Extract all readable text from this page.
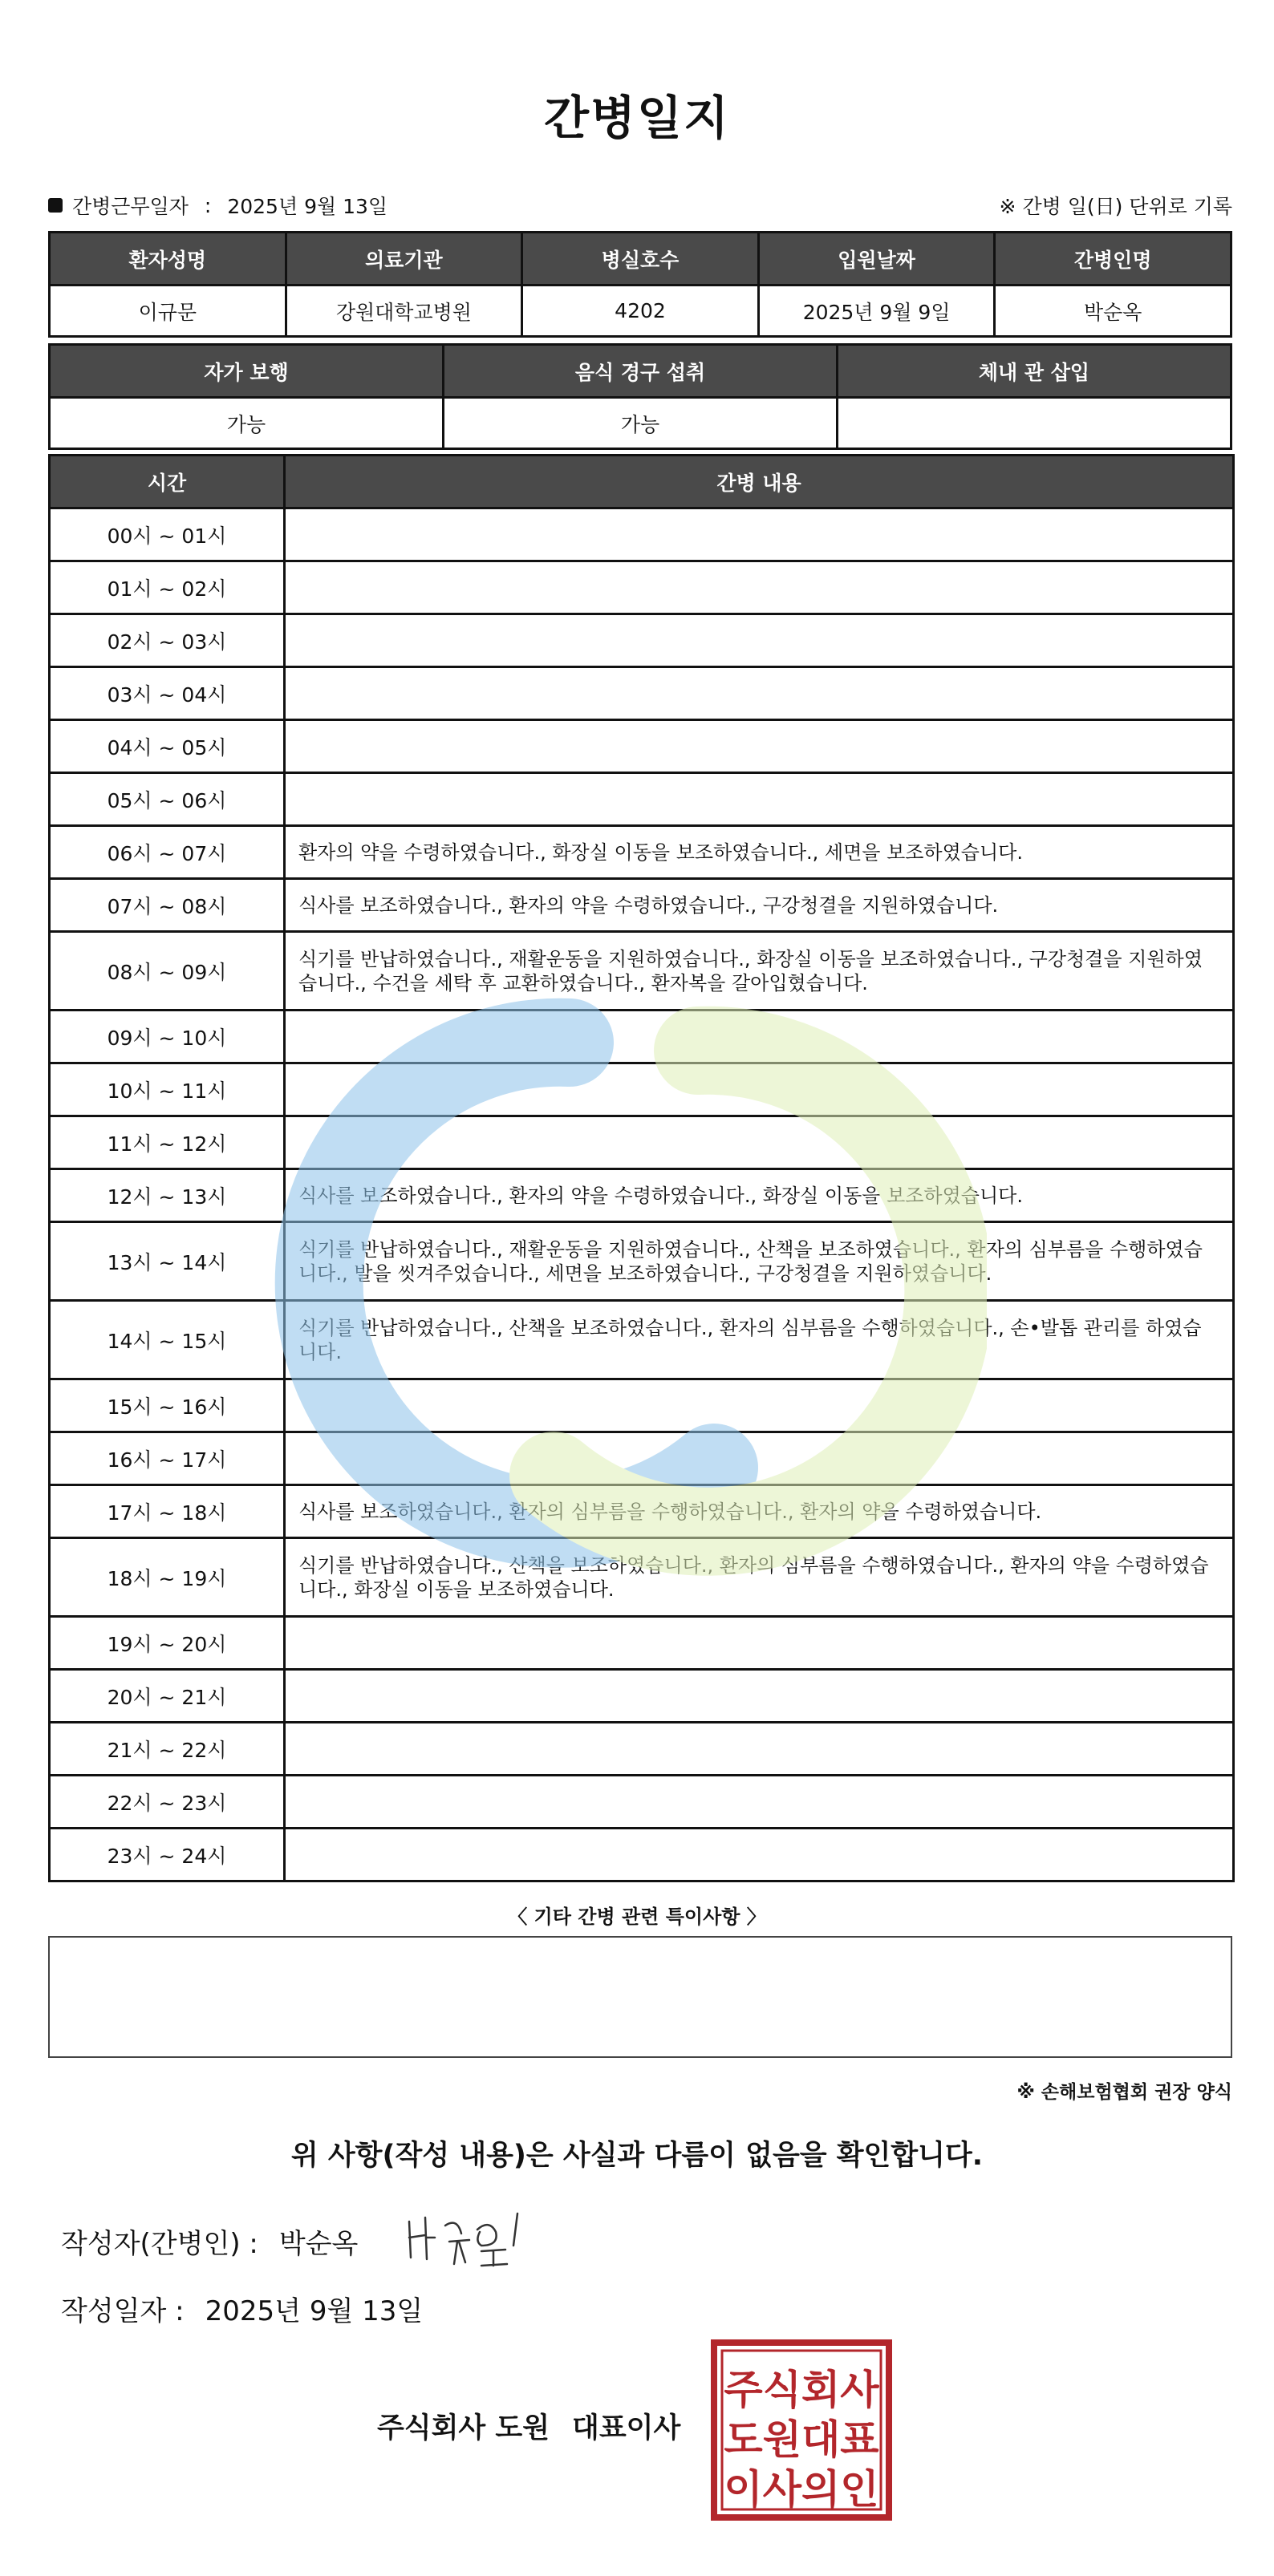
간병일지
간병근무일자 : 2025년 9월 13일	※ 간병 일(日) 단위로 기록
환자성명	의료기관	병실호수	입원날짜	간병인명
이규문	강원대학교병원	4202	2025년 9월 9일	박순옥
자가 보행	음식 경구 섭취	체내 관 삽입
가능	가능	
시간	간병 내용
00시 ~ 01시	
01시 ~ 02시	
02시 ~ 03시	
03시 ~ 04시	
04시 ~ 05시	
05시 ~ 06시	
06시 ~ 07시	환자의 약을 수령하였습니다., 화장실 이동을 보조하였습니다., 세면을 보조하였습니다.
07시 ~ 08시	식사를 보조하였습니다., 환자의 약을 수령하였습니다., 구강청결을 지원하였습니다.
08시 ~ 09시	식기를 반납하였습니다., 재활운동을 지원하였습니다., 화장실 이동을 보조하였습니다., 구강청결을 지원하였습니다., 수건을 세탁 후 교환하였습니다., 환자복을 갈아입혔습니다.
09시 ~ 10시	
10시 ~ 11시	
11시 ~ 12시	
12시 ~ 13시	식사를 보조하였습니다., 환자의 약을 수령하였습니다., 화장실 이동을 보조하였습니다.
13시 ~ 14시	식기를 반납하였습니다., 재활운동을 지원하였습니다., 산책을 보조하였습니다., 환자의 심부름을 수행하였습니다., 발을 씻겨주었습니다., 세면을 보조하였습니다., 구강청결을 지원하였습니다.
14시 ~ 15시	식기를 반납하였습니다., 산책을 보조하였습니다., 환자의 심부름을 수행하였습니다., 손•발톱 관리를 하였습니다.
15시 ~ 16시	
16시 ~ 17시	
17시 ~ 18시	식사를 보조하였습니다., 환자의 심부름을 수행하였습니다., 환자의 약을 수령하였습니다.
18시 ~ 19시	식기를 반납하였습니다., 산책을 보조하였습니다., 환자의 심부름을 수행하였습니다., 환자의 약을 수령하였습니다., 화장실 이동을 보조하였습니다.
19시 ~ 20시	
20시 ~ 21시	
21시 ~ 22시	
22시 ~ 23시	
23시 ~ 24시	
〈 기타 간병 관련 특이사항 〉
※ 손해보험협회 권장 양식
위 사항(작성 내용)은 사실과 다름이 없음을 확인합니다.
작성자(간병인) : 박순옥
작성일자 : 2025년 9월 13일
주식회사 도원 대표이사
주식회사
도원대표
이사의인
